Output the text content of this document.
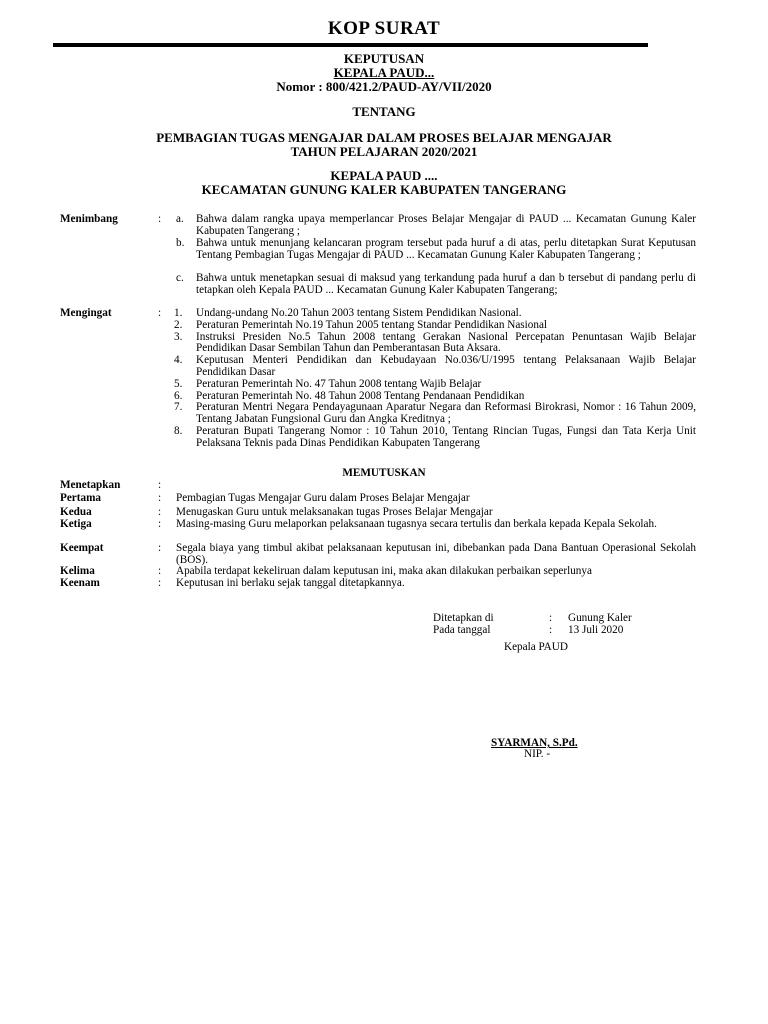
KOP SURAT
KEPUTUSAN
KEPALA PAUD...
Nomor : 800/421.2/PAUD-AY/VII/2020
TENTANG
PEMBAGIAN TUGAS MENGAJAR DALAM PROSES BELAJAR MENGAJAR
TAHUN PELAJARAN 2020/2021
KEPALA PAUD ....
KECAMATAN GUNUNG KALER KABUPATEN TANGERANG
Menimbang	: a. Bahwa dalam rangka upaya memperlancar Proses Belajar Mengajar di PAUD ... Kecamatan Gunung Kaler Kabupaten Tangerang ;
b. Bahwa untuk menunjang kelancaran program tersebut pada huruf a di atas, perlu ditetapkan Surat Keputusan Tentang Pembagian Tugas Mengajar di PAUD ... Kecamatan Gunung Kaler Kabupaten Tangerang ;
c. Bahwa untuk menetapkan sesuai di maksud yang terkandung pada huruf a dan b tersebut di pandang perlu di tetapkan oleh Kepala PAUD ... Kecamatan Gunung Kaler Kabupaten Tangerang;
Mengingat	: 1. Undang-undang No.20 Tahun 2003 tentang Sistem Pendidikan Nasional.
2. Peraturan Pemerintah No.19 Tahun 2005 tentang Standar Pendidikan Nasional
3. Instruksi Presiden No.5 Tahun 2008 tentang Gerakan Nasional Percepatan Penuntasan Wajib Belajar Pendidikan Dasar Sembilan Tahun dan Pemberantasan Buta Aksara.
4. Keputusan Menteri Pendidikan dan Kebudayaan No.036/U/1995 tentang Pelaksanaan Wajib Belajar Pendidikan Dasar
5. Peraturan Pemerintah No. 47 Tahun 2008 tentang Wajib Belajar
6. Peraturan Pemerintah No. 48 Tahun 2008 Tentang Pendanaan Pendidikan
7. Peraturan Mentri Negara Pendayagunaan Aparatur Negara dan Reformasi Birokrasi, Nomor : 16 Tahun 2009, Tentang Jabatan Fungsional Guru dan Angka Kreditnya ;
8. Peraturan Bupati Tangerang Nomor : 10 Tahun 2010, Tentang Rincian Tugas, Fungsi dan Tata Kerja Unit Pelaksana Teknis pada Dinas Pendidikan Kabupaten Tangerang
MEMUTUSKAN
Menetapkan	:
Pertama	: Pembagian Tugas Mengajar Guru dalam Proses Belajar Mengajar
Kedua	: Menugaskan Guru untuk melaksanakan tugas Proses Belajar Mengajar
Ketiga	: Masing-masing Guru melaporkan pelaksanaan tugasnya secara tertulis dan berkala kepada Kepala Sekolah.
Keempat	: Segala biaya yang timbul akibat pelaksanaan keputusan ini, dibebankan pada Dana Bantuan Operasional Sekolah (BOS).
Kelima	: Apabila terdapat kekeliruan dalam keputusan ini, maka akan dilakukan perbaikan seperlunya
Keenam	: Keputusan ini berlaku sejak tanggal ditetapkannya.
Ditetapkan di	: Gunung Kaler
Pada tanggal	: 13 Juli 2020
Kepala PAUD
SYARMAN, S.Pd.
NIP. -
